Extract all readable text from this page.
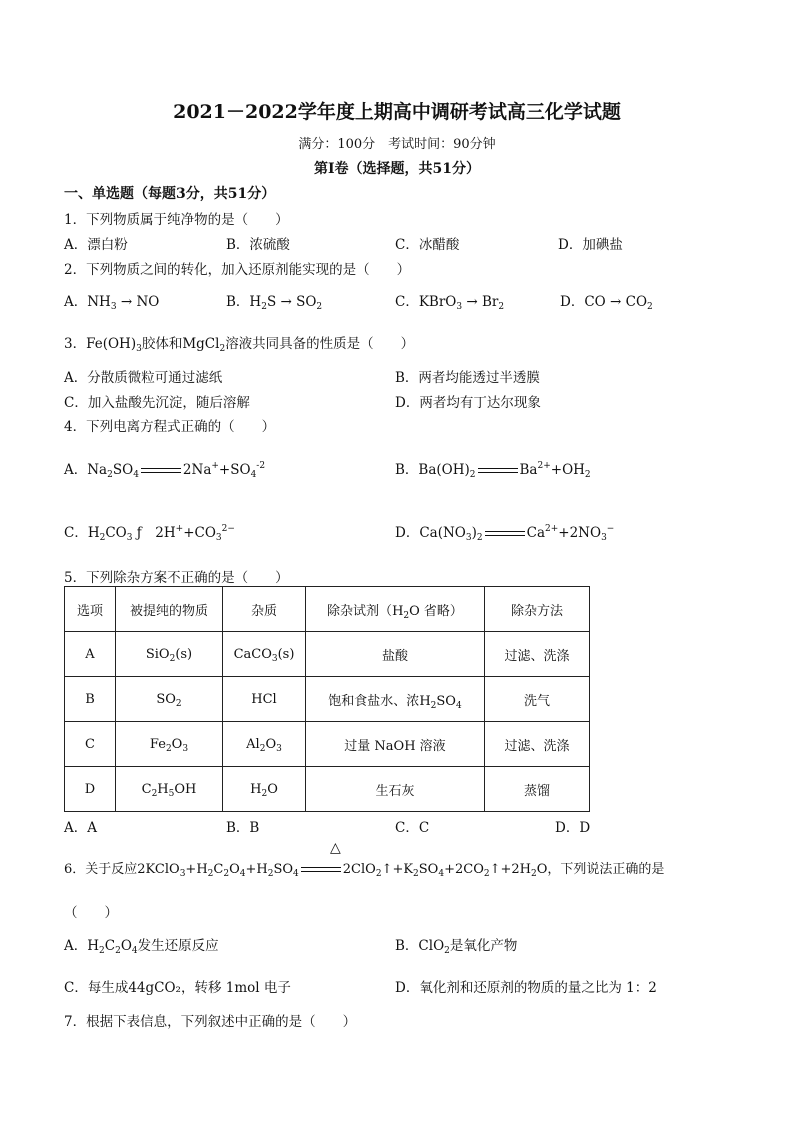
2021－2022学年度上期高中调研考试高三化学试题
满分：100分　考试时间：90分钟
第Ⅰ卷（选择题，共51分）
一、单选题（每题3分，共51分）
1．下列物质属于纯净物的是（　　）
A．漂白粉	B．浓硫酸	C．冰醋酸	D．加碘盐
2．下列物质之间的转化，加入还原剂能实现的是（　　）
A．$NH_3$ → NO	B．$H_2S \to SO_2$	C．KBrO$_3$ → $Br_2$	D．CO → $CO_2$
3．$Fe(OH)_3$胶体和MgCl$_2$溶液共同具备的性质是（　　）
A．分散质微粒可通过滤纸	B．两者均能透过半透膜
C．加入盐酸先沉淀，随后溶解	D．两者均有丁达尔现象
4．下列电离方程式正确的（　　）
A．$Na_2SO_4$	$2Na^++SO_4^{-2}$	B．$Ba(OH)_2$	$Ba^{2+}+OH_2$
C．$H_2CO_3$ ƒ　$2H^++CO_3^{2-}$	D．$Ca(NO_3)_2$	$Ca^{2+}+2NO_3^-$
5．下列除杂方案不正确的是（　　）
选项	被提纯的物质	杂质	除杂试剂（$H_2O$ 省略）	除杂方法
A	SiO$_2$(s)	CaCO$_3$(s)	盐酸	过滤、洗涤
B	$SO_2$	HCl	饱和食盐水、浓$H_2SO_4$	洗气
C	$Fe_2O_3$	$Al_2O_3$	过量 NaOH 溶液	过滤、洗涤
D	$C_2H_5OH$	$H_2O$	生石灰	蒸馏
A．A	B．B	C．C	D．D
△
6．关于反应$2KClO_3+H_2C_2O_4+H_2SO_4$	$2ClO_2↑+K_2SO_4+2CO_2↑+2H_2O$，下列说法正确的是
（　　）
A．$H_2C_2O_4$发生还原反应	B．ClO$_2$是氧化产物
C．每生成44gCO₂，转移 1mol 电子	D．氧化剂和还原剂的物质的量之比为 1：2
7．根据下表信息，下列叙述中正确的是（　　）
